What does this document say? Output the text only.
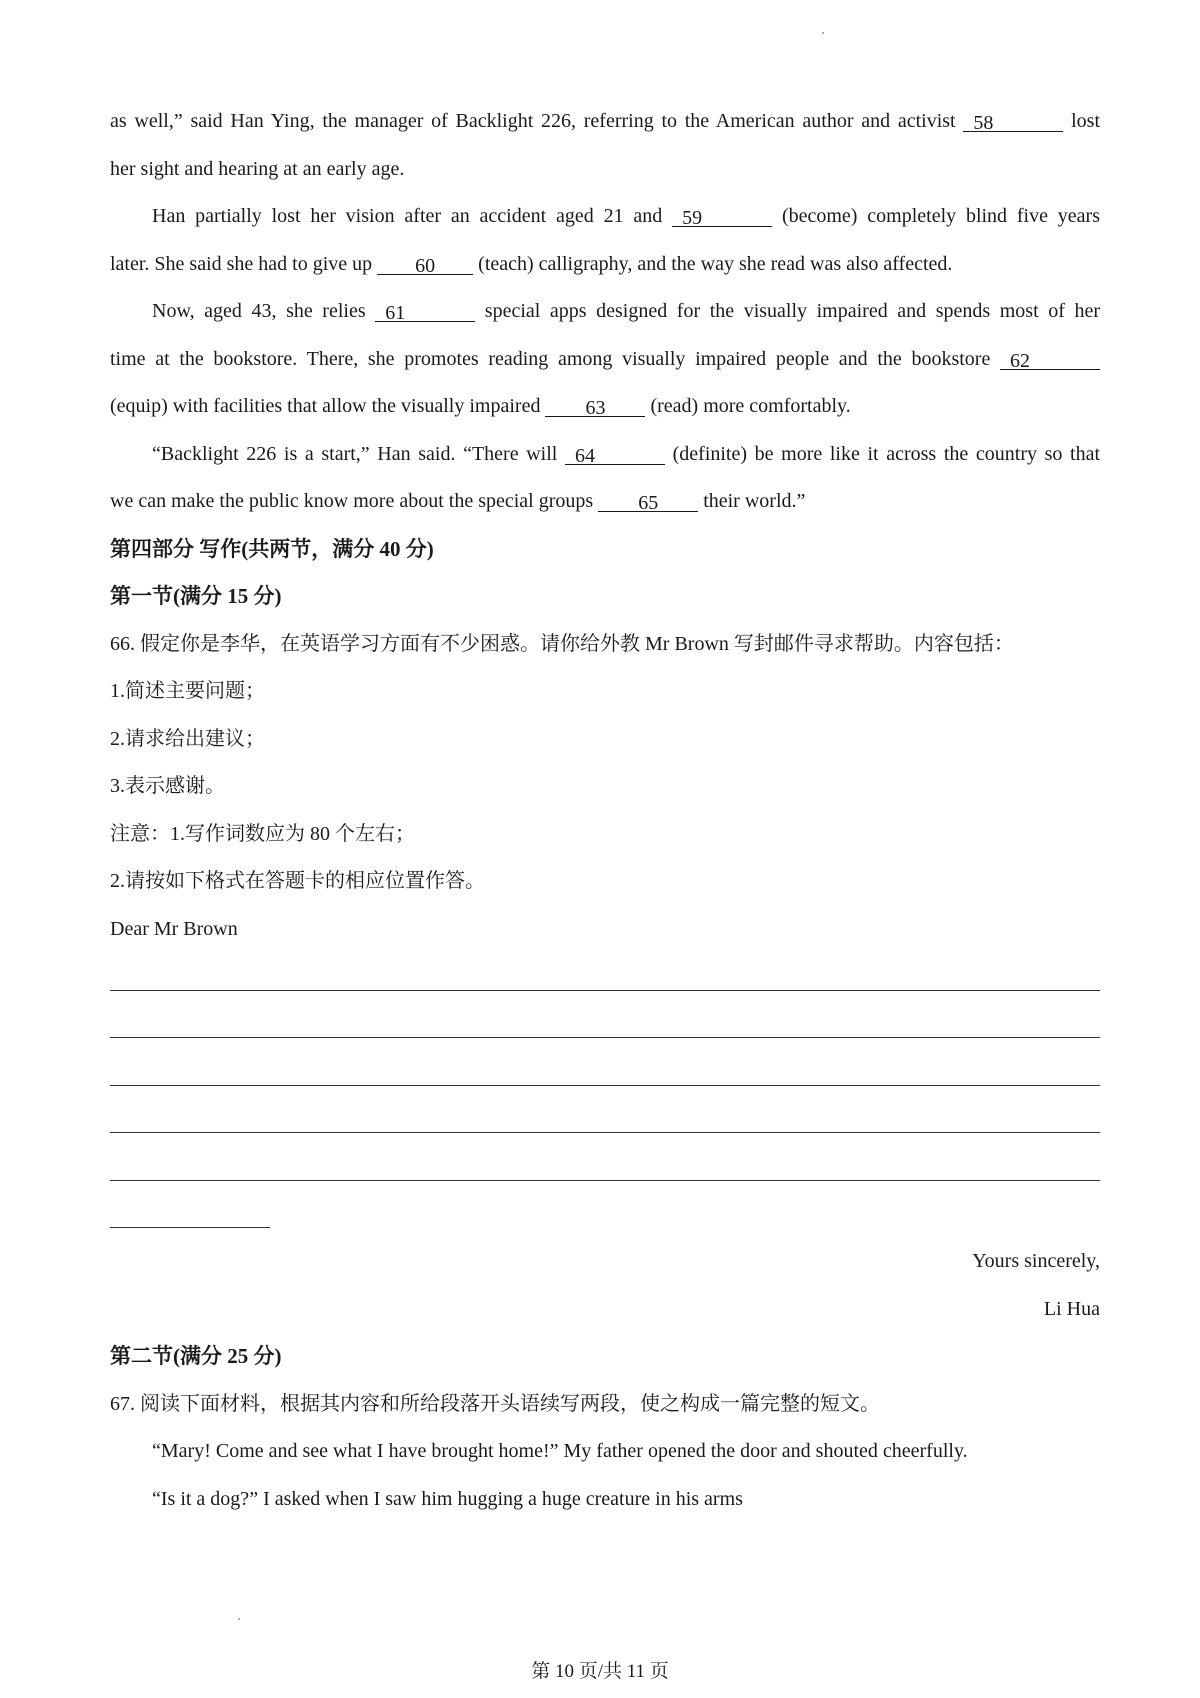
as well,” said Han Ying, the manager of Backlight 226, referring to the American author and activist 58	lost
her sight and hearing at an early age.
Han partially lost her vision after an accident aged 21 and 59	(become) completely blind five years
later. She said she had to give up 60 (teach) calligraphy, and the way she read was also affected.
Now, aged 43, she relies 61	special apps designed for the visually impaired and spends most of her
time at the bookstore. There, she promotes reading among visually impaired people and the bookstore 62
(equip) with facilities that allow the visually impaired 63 (read) more comfortably.
“Backlight 226 is a start,” Han said. “There will 64	(definite) be more like it across the country so that
we can make the public know more about the special groups 65 their world.”
第四部分 写作(共两节，满分 40 分)
第一节(满分 15 分)
66. 假定你是李华，在英语学习方面有不少困惑。请你给外教 Mr Brown 写封邮件寻求帮助。内容包括：
1.简述主要问题；
2.请求给出建议；
3.表示感谢。
注意：1.写作词数应为 80 个左右；
2.请按如下格式在答题卡的相应位置作答。
Dear Mr Brown
Yours sincerely,
Li Hua
第二节(满分 25 分)
67. 阅读下面材料，根据其内容和所给段落开头语续写两段，使之构成一篇完整的短文。
“Mary! Come and see what I have brought home!” My father opened the door and shouted cheerfully.
“Is it a dog?” I asked when I saw him hugging a huge creature in his arms
第 10 页/共 11 页
